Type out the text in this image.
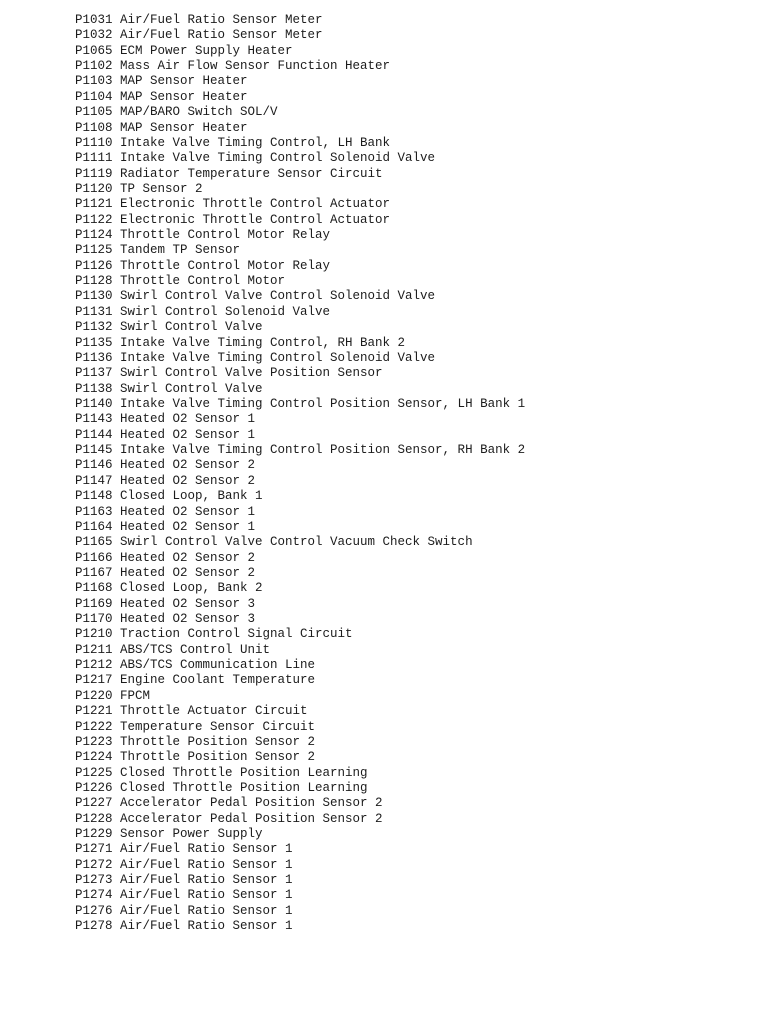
P1031 Air/Fuel Ratio Sensor Meter
P1032 Air/Fuel Ratio Sensor Meter
P1065 ECM Power Supply Heater
P1102 Mass Air Flow Sensor Function Heater
P1103 MAP Sensor Heater
P1104 MAP Sensor Heater
P1105 MAP/BARO Switch SOL/V
P1108 MAP Sensor Heater
P1110 Intake Valve Timing Control, LH Bank
P1111 Intake Valve Timing Control Solenoid Valve
P1119 Radiator Temperature Sensor Circuit
P1120 TP Sensor 2
P1121 Electronic Throttle Control Actuator
P1122 Electronic Throttle Control Actuator
P1124 Throttle Control Motor Relay
P1125 Tandem TP Sensor
P1126 Throttle Control Motor Relay
P1128 Throttle Control Motor
P1130 Swirl Control Valve Control Solenoid Valve
P1131 Swirl Control Solenoid Valve
P1132 Swirl Control Valve
P1135 Intake Valve Timing Control, RH Bank 2
P1136 Intake Valve Timing Control Solenoid Valve
P1137 Swirl Control Valve Position Sensor
P1138 Swirl Control Valve
P1140 Intake Valve Timing Control Position Sensor, LH Bank 1
P1143 Heated O2 Sensor 1
P1144 Heated O2 Sensor 1
P1145 Intake Valve Timing Control Position Sensor, RH Bank 2
P1146 Heated O2 Sensor 2
P1147 Heated O2 Sensor 2
P1148 Closed Loop, Bank 1
P1163 Heated O2 Sensor 1
P1164 Heated O2 Sensor 1
P1165 Swirl Control Valve Control Vacuum Check Switch
P1166 Heated O2 Sensor 2
P1167 Heated O2 Sensor 2
P1168 Closed Loop, Bank 2
P1169 Heated O2 Sensor 3
P1170 Heated O2 Sensor 3
P1210 Traction Control Signal Circuit
P1211 ABS/TCS Control Unit
P1212 ABS/TCS Communication Line
P1217 Engine Coolant Temperature
P1220 FPCM
P1221 Throttle Actuator Circuit
P1222 Temperature Sensor Circuit
P1223 Throttle Position Sensor 2
P1224 Throttle Position Sensor 2
P1225 Closed Throttle Position Learning
P1226 Closed Throttle Position Learning
P1227 Accelerator Pedal Position Sensor 2
P1228 Accelerator Pedal Position Sensor 2
P1229 Sensor Power Supply
P1271 Air/Fuel Ratio Sensor 1
P1272 Air/Fuel Ratio Sensor 1
P1273 Air/Fuel Ratio Sensor 1
P1274 Air/Fuel Ratio Sensor 1
P1276 Air/Fuel Ratio Sensor 1
P1278 Air/Fuel Ratio Sensor 1
